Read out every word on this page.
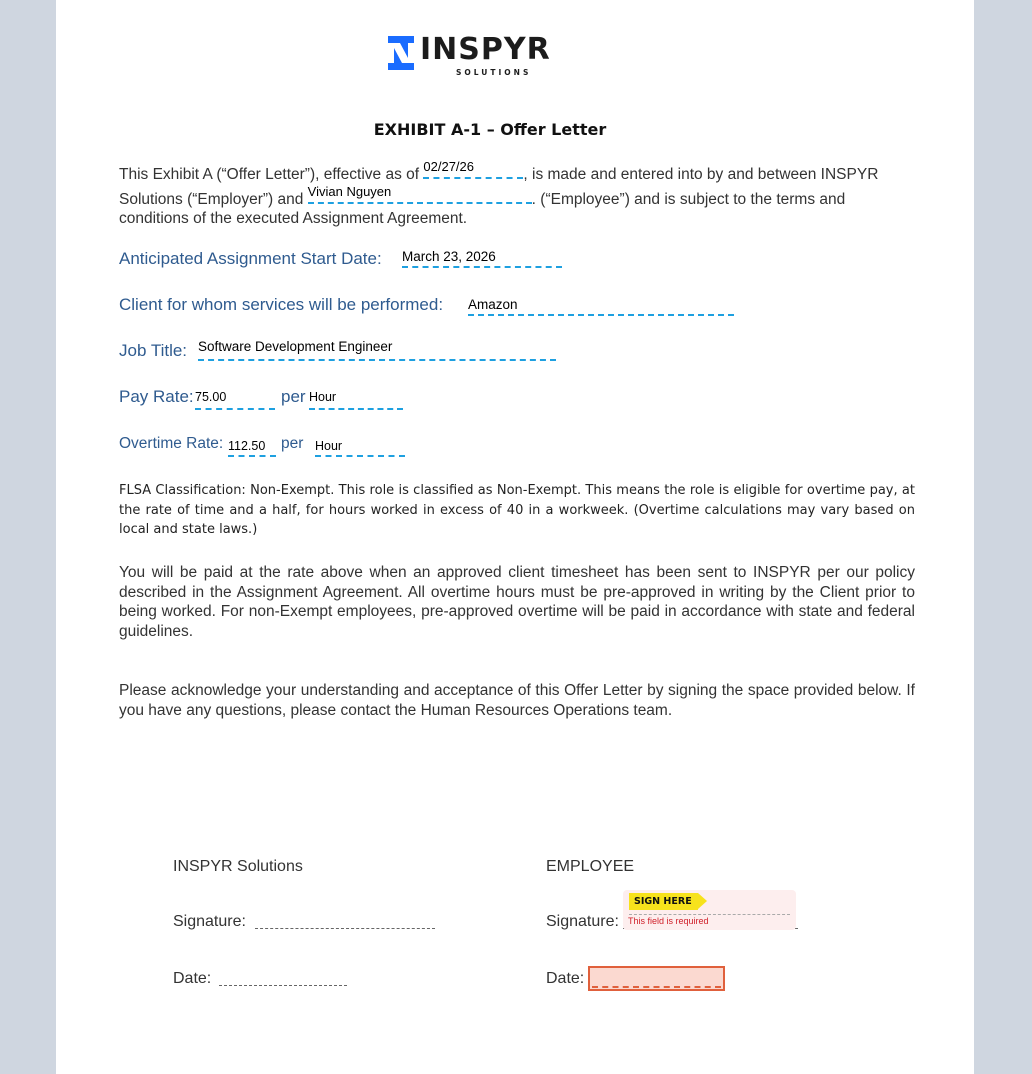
INSPYR
SOLUTIONS
EXHIBIT A-1 – Offer Letter
This Exhibit A (“Offer Letter”), effective as of 02/27/26	, is made and entered into by and between INSPYR
Solutions (“Employer”) and Vivian Nguyen	. (“Employee”) and is subject to the terms and
conditions of the executed Assignment Agreement.
Anticipated Assignment Start Date: March 23, 2026
Client for whom services will be performed: Amazon
Job Title: Software Development Engineer
Pay Rate: 75.00	per Hour
Overtime Rate: 112.50 per Hour
FLSA Classification: Non-Exempt. This role is classified as Non-Exempt. This means the role is eligible for overtime pay, at the rate of time and a half, for hours worked in excess of 40 in a workweek. (Overtime calculations may vary based on local and state laws.)
You will be paid at the rate above when an approved client timesheet has been sent to INSPYR per our policy described in the Assignment Agreement. All overtime hours must be pre-approved in writing by the Client prior to being worked. For non-Exempt employees, pre-approved overtime will be paid in accordance with state and federal guidelines.
Please acknowledge your understanding and acceptance of this Offer Letter by signing the space provided below. If you have any questions, please contact the Human Resources Operations team.
INSPYR Solutions
Signature:
Date:
EMPLOYEE
Signature:
SIGN HERE
This field is required
Date:
